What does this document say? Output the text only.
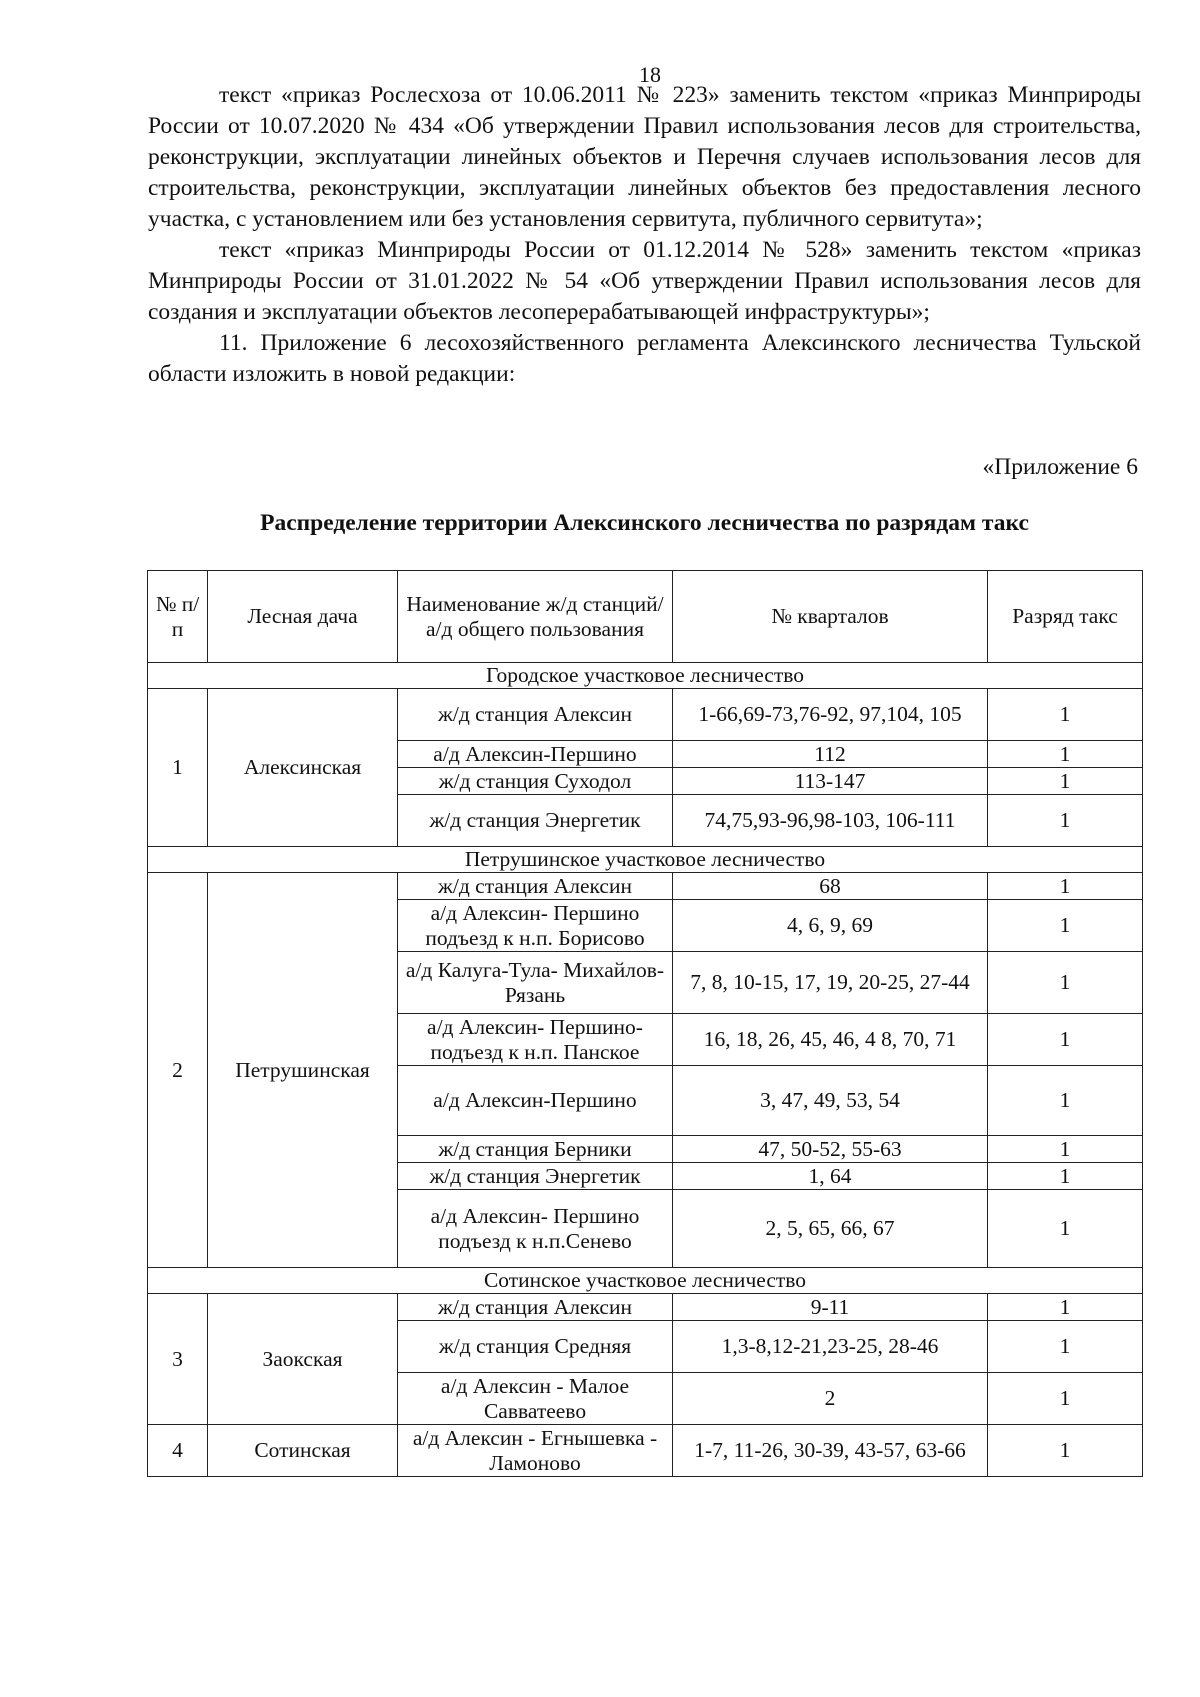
18

текст «приказ Рослесхоза от 10.06.2011 № 223» заменить текстом «приказ Минприроды России от 10.07.2020 № 434 «Об утверждении Правил использования лесов для строительства, реконструкции, эксплуатации линейных объектов и Перечня случаев использования лесов для строительства, реконструкции, эксплуатации линейных объектов без предоставления лесного участка, с установлением или без установления сервитута, публичного сервитута»;

текст «приказ Минприроды России от 01.12.2014 № 528» заменить текстом «приказ Минприроды России от 31.01.2022 № 54 «Об утверждении Правил использования лесов для создания и эксплуатации объектов лесоперерабатывающей инфраструктуры»;

11. Приложение 6 лесохозяйственного регламента Алексинского лесничества Тульской области изложить в новой редакции:

«Приложение 6
Распределение территории Алексинского лесничества по разрядам такс
№ п/п	Лесная дача	Наименование ж/д станций/а/д общего пользования	№ кварталов	Разряд такс
Городское участковое лесничество				
1	Алексинская	ж/д станция Алексин	1-66,69-73,76-92, 97,104, 105	1
		а/д Алексин-Першино	112	1
		ж/д станция Суходол	113-147	1
		ж/д станция Энергетик	74,75,93-96,98-103, 106-111	1
Петрушинское участковое лесничество				
2	Петрушинская	ж/д станция Алексин	68	1
		а/д Алексин- Першино подъезд к н.п. Борисово	4, 6, 9, 69	1
		а/д Калуга-Тула- Михайлов-Рязань	7, 8, 10-15, 17, 19, 20-25, 27-44	1
		а/д Алексин- Першино- подъезд к н.п. Панское	16, 18, 26, 45, 46, 4 8, 70, 71	1
		а/д Алексин-Першино	3, 47, 49, 53, 54	1
		ж/д станция Берники	47, 50-52, 55-63	1
		ж/д станция Энергетик	1, 64	1
		а/д Алексин- Першино подъезд к н.п.Сенево	2, 5, 65, 66, 67	1
Сотинское участковое лесничество				
3	Заокская	ж/д станция Алексин	9-11	1
		ж/д станция Средняя	1,3-8,12-21,23-25, 28-46	1
		а/д Алексин - Малое Савватеево	2	1
4	Сотинская	а/д Алексин - Егнышевка - Ламоново	1-7, 11-26, 30-39, 43-57, 63-66	1
